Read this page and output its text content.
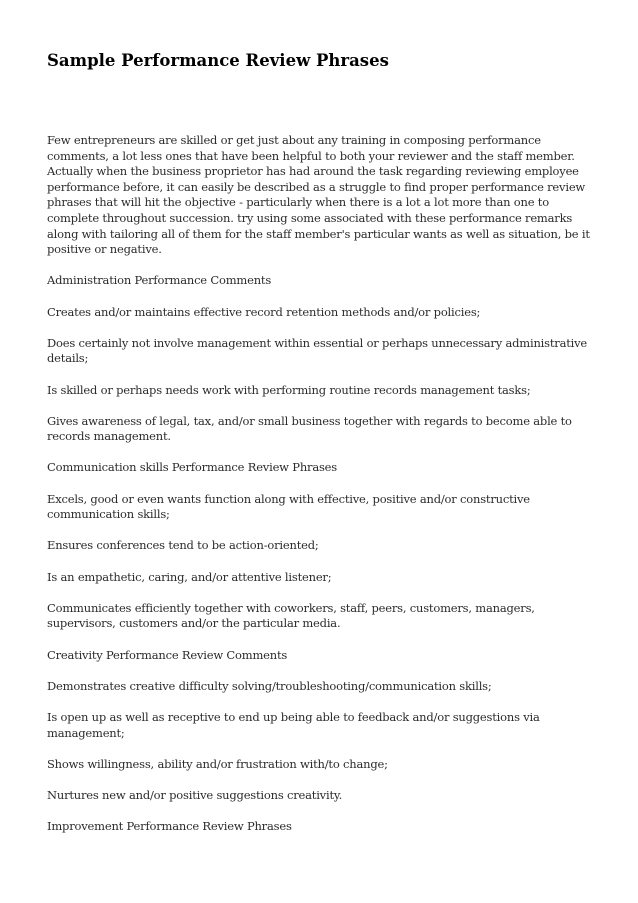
Sample Performance Review Phrases

Few entrepreneurs are skilled or get just about any training in composing performance comments, a lot less ones that have been helpful to both your reviewer and the staff member. Actually when the business proprietor has had around the task regarding reviewing employee performance before, it can easily be described as a struggle to find proper performance review phrases that will hit the objective - particularly when there is a lot a lot more than one to complete throughout succession. try using some associated with these performance remarks along with tailoring all of them for the staff member's particular wants as well as situation, be it positive or negative.

Administration Performance Comments

Creates and/or maintains effective record retention methods and/or policies;

Does certainly not involve management within essential or perhaps unnecessary administrative details;

Is skilled or perhaps needs work with performing routine records management tasks;

Gives awareness of legal, tax, and/or small business together with regards to become able to records management.

Communication skills Performance Review Phrases

Excels, good or even wants function along with effective, positive and/or constructive communication skills;

Ensures conferences tend to be action-oriented;

Is an empathetic, caring, and/or attentive listener;

Communicates efficiently together with coworkers, staff, peers, customers, managers, supervisors, customers and/or the particular media.

Creativity Performance Review Comments

Demonstrates creative difficulty solving/troubleshooting/communication skills;

Is open up as well as receptive to end up being able to feedback and/or suggestions via management;

Shows willingness, ability and/or frustration with/to change;

Nurtures new and/or positive suggestions creativity.

Improvement Performance Review Phrases
